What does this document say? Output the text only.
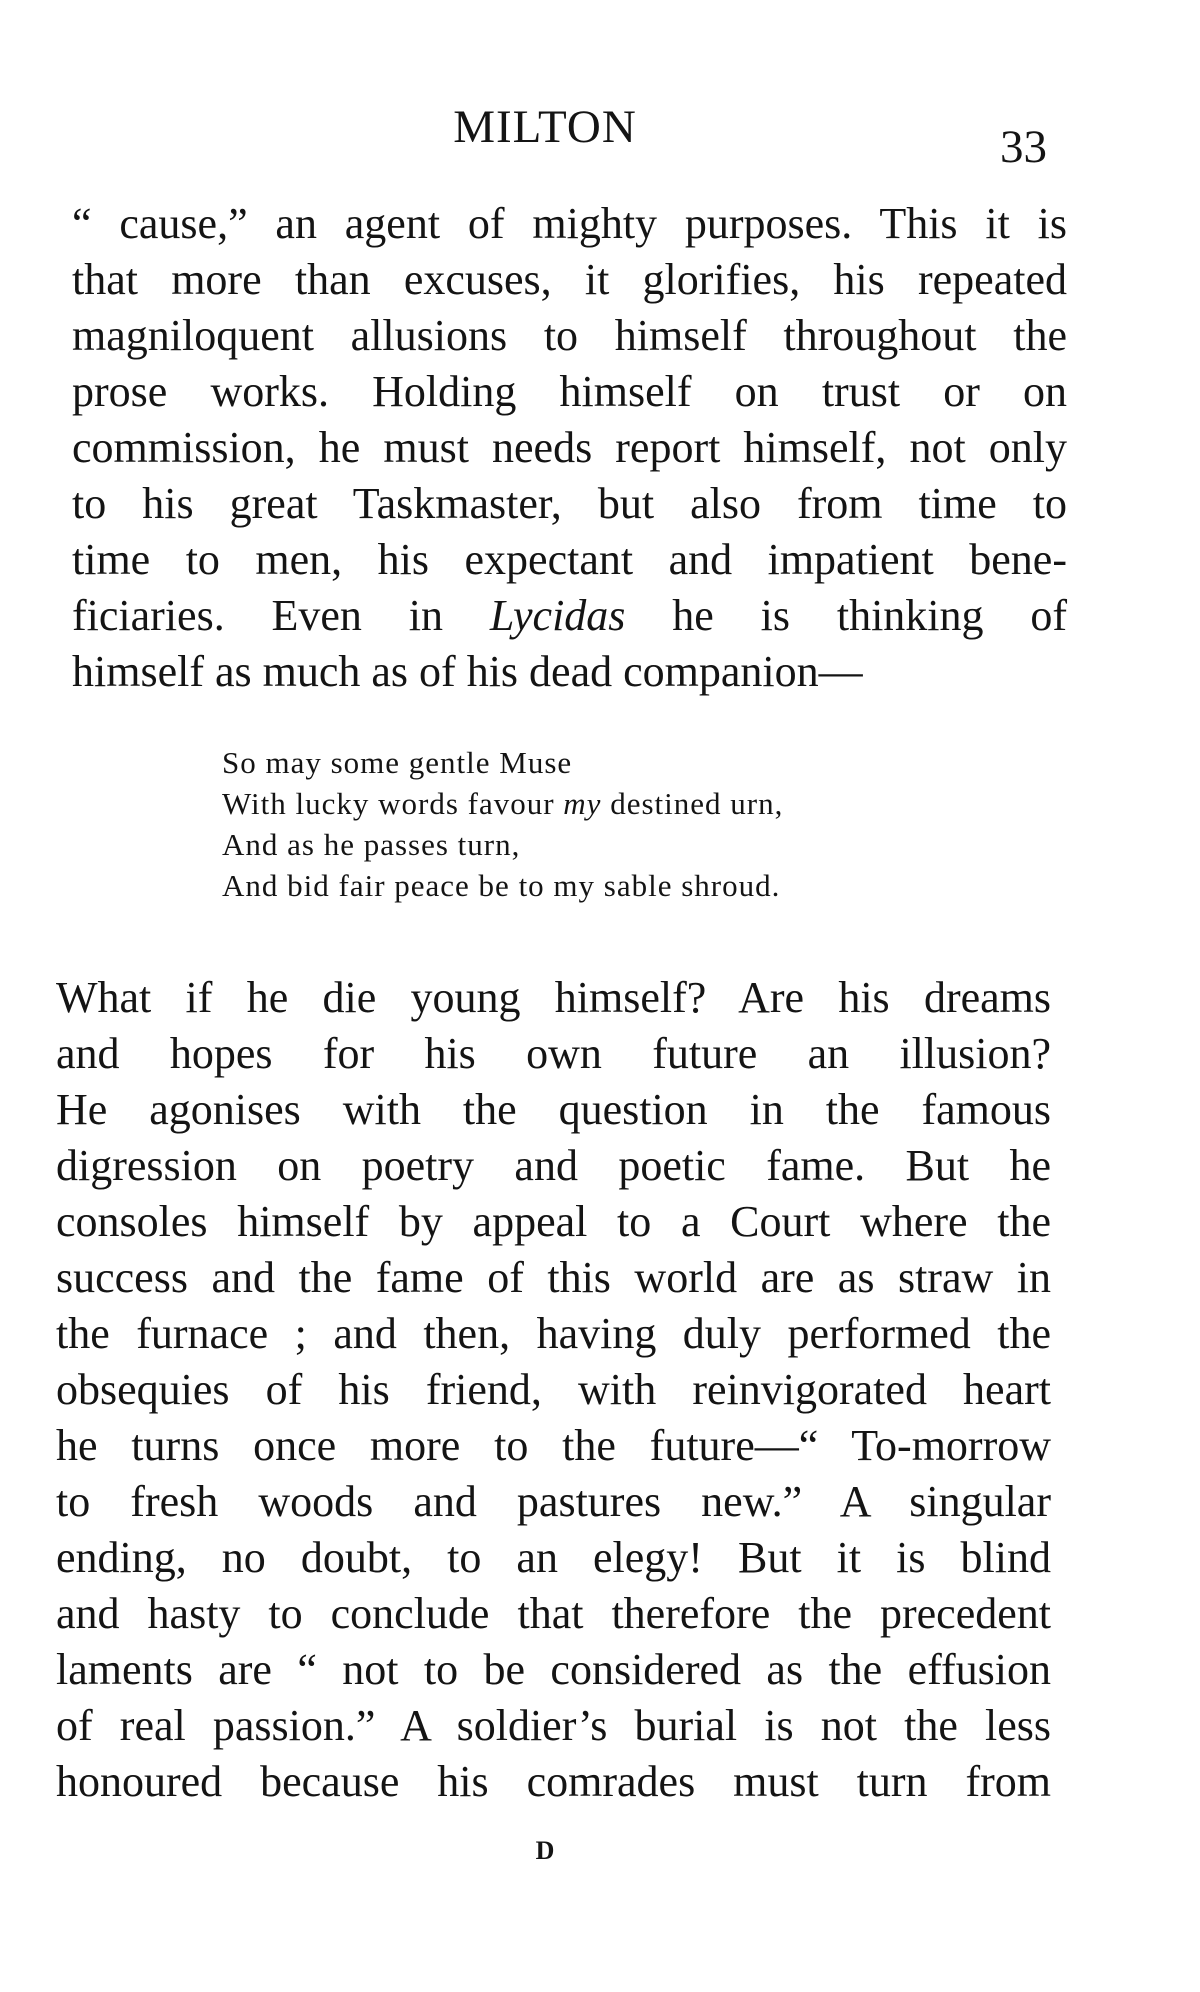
MILTON	33
“ cause,” an agent of mighty purposes. This it is
that more than excuses, it glorifies, his repeated
magniloquent allusions to himself throughout the
prose works. Holding himself on trust or on
commission, he must needs report himself, not only
to his great Taskmaster, but also from time to
time to men, his expectant and impatient bene-
ficiaries. Even in Lycidas he is thinking of
himself as much as of his dead companion—
So may some gentle Muse
With lucky words favour my destined urn,
And as he passes turn,
And bid fair peace be to my sable shroud.
What if he die young himself? Are his dreams
and hopes for his own future an illusion?
He agonises with the question in the famous
digression on poetry and poetic fame. But he
consoles himself by appeal to a Court where the
success and the fame of this world are as straw in
the furnace ; and then, having duly performed the
obsequies of his friend, with reinvigorated heart
he turns once more to the future—“ To-morrow
to fresh woods and pastures new.” A singular
ending, no doubt, to an elegy! But it is blind
and hasty to conclude that therefore the precedent
laments are “ not to be considered as the effusion
of real passion.” A soldier’s burial is not the less
honoured because his comrades must turn from
D
